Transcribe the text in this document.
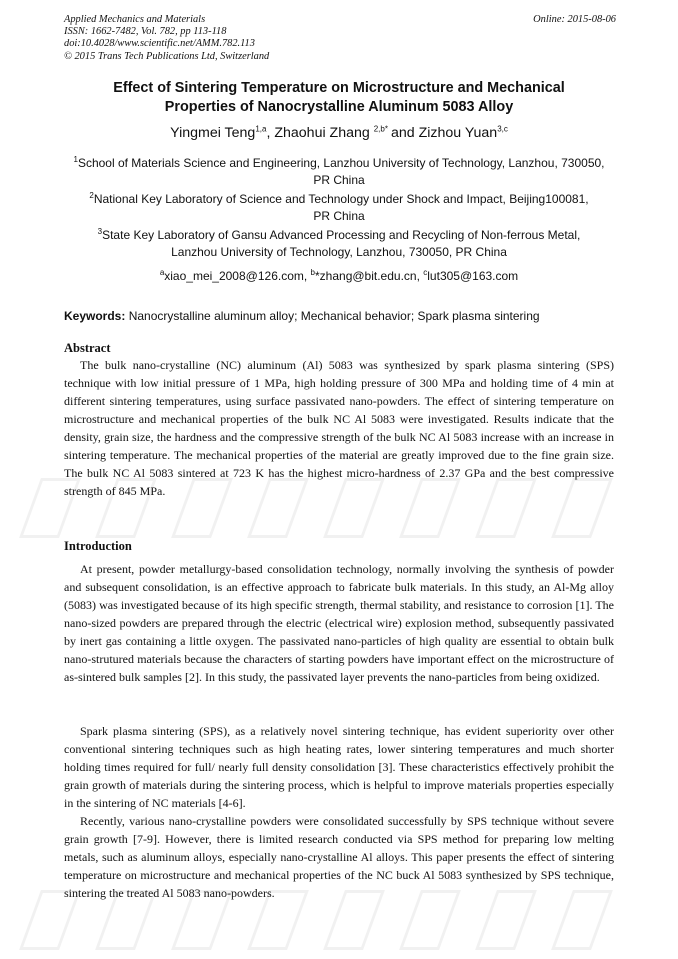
Applied Mechanics and Materials
ISSN: 1662-7482, Vol. 782, pp 113-118
doi:10.4028/www.scientific.net/AMM.782.113
© 2015 Trans Tech Publications Ltd, Switzerland
Online: 2015-08-06
Effect of Sintering Temperature on Microstructure and Mechanical
Properties of Nanocrystalline Aluminum 5083 Alloy
Yingmei Teng$^{1,a}$, Zhaohui Zhang $^{2,b*}$ and Zizhou Yuan$^{3,c}$
$^1$School of Materials Science and Engineering, Lanzhou University of Technology, Lanzhou, 730050,
PR China
$^2$National Key Laboratory of Science and Technology under Shock and Impact, Beijing100081,
PR China
$^3$State Key Laboratory of Gansu Advanced Processing and Recycling of Non-ferrous Metal,
Lanzhou University of Technology, Lanzhou, 730050, PR China
$^a$xiao_mei_2008@126.com, $^b$*zhang@bit.edu.cn, $^c$lut305@163.com
Keywords: Nanocrystalline aluminum alloy; Mechanical behavior; Spark plasma sintering
Abstract
The bulk nano-crystalline (NC) aluminum (Al) 5083 was synthesized by spark plasma sintering (SPS) technique with low initial pressure of 1 MPa, high holding pressure of 300 MPa and holding time of 4 min at different sintering temperatures, using surface passivated nano-powders. The effect of sintering temperature on microstructure and mechanical properties of the bulk NC Al 5083 were investigated. Results indicate that the density, grain size, the hardness and the compressive strength of the bulk NC Al 5083 increase with an increase in sintering temperature. The mechanical properties of the material are greatly improved due to the fine grain size. The bulk NC Al 5083 sintered at 723 K has the highest micro-hardness of 2.37 GPa and the best compressive strength of 845 MPa.
Introduction
At present, powder metallurgy-based consolidation technology, normally involving the synthesis of powder and subsequent consolidation, is an effective approach to fabricate bulk materials. In this study, an Al-Mg alloy (5083) was investigated because of its high specific strength, thermal stability, and resistance to corrosion [1]. The nano-sized powders are prepared through the electric (electrical wire) explosion method, subsequently passivated by inert gas containing a little oxygen. The passivated nano-particles of high quality are essential to obtain bulk nano-strutured materials because the characters of starting powders have important effect on the microstructure of as-sintered bulk samples [2]. In this study, the passivated layer prevents the nano-particles from being oxidized.
Spark plasma sintering (SPS), as a relatively novel sintering technique, has evident superiority over other conventional sintering techniques such as high heating rates, lower sintering temperatures and much shorter holding times required for full/ nearly full density consolidation [3]. These characteristics effectively prohibit the grain growth of materials during the sintering process, which is helpful to improve materials properties especially in the sintering of NC materials [4-6].
Recently, various nano-crystalline powders were consolidated successfully by SPS technique without severe grain growth [7-9]. However, there is limited research conducted via SPS method for preparing low melting metals, such as aluminum alloys, especially nano-crystalline Al alloys. This paper presents the effect of sintering temperature on microstructure and mechanical properties of the NC buck Al 5083 synthesized by SPS technique, sintering the treated Al 5083 nano-powders.
